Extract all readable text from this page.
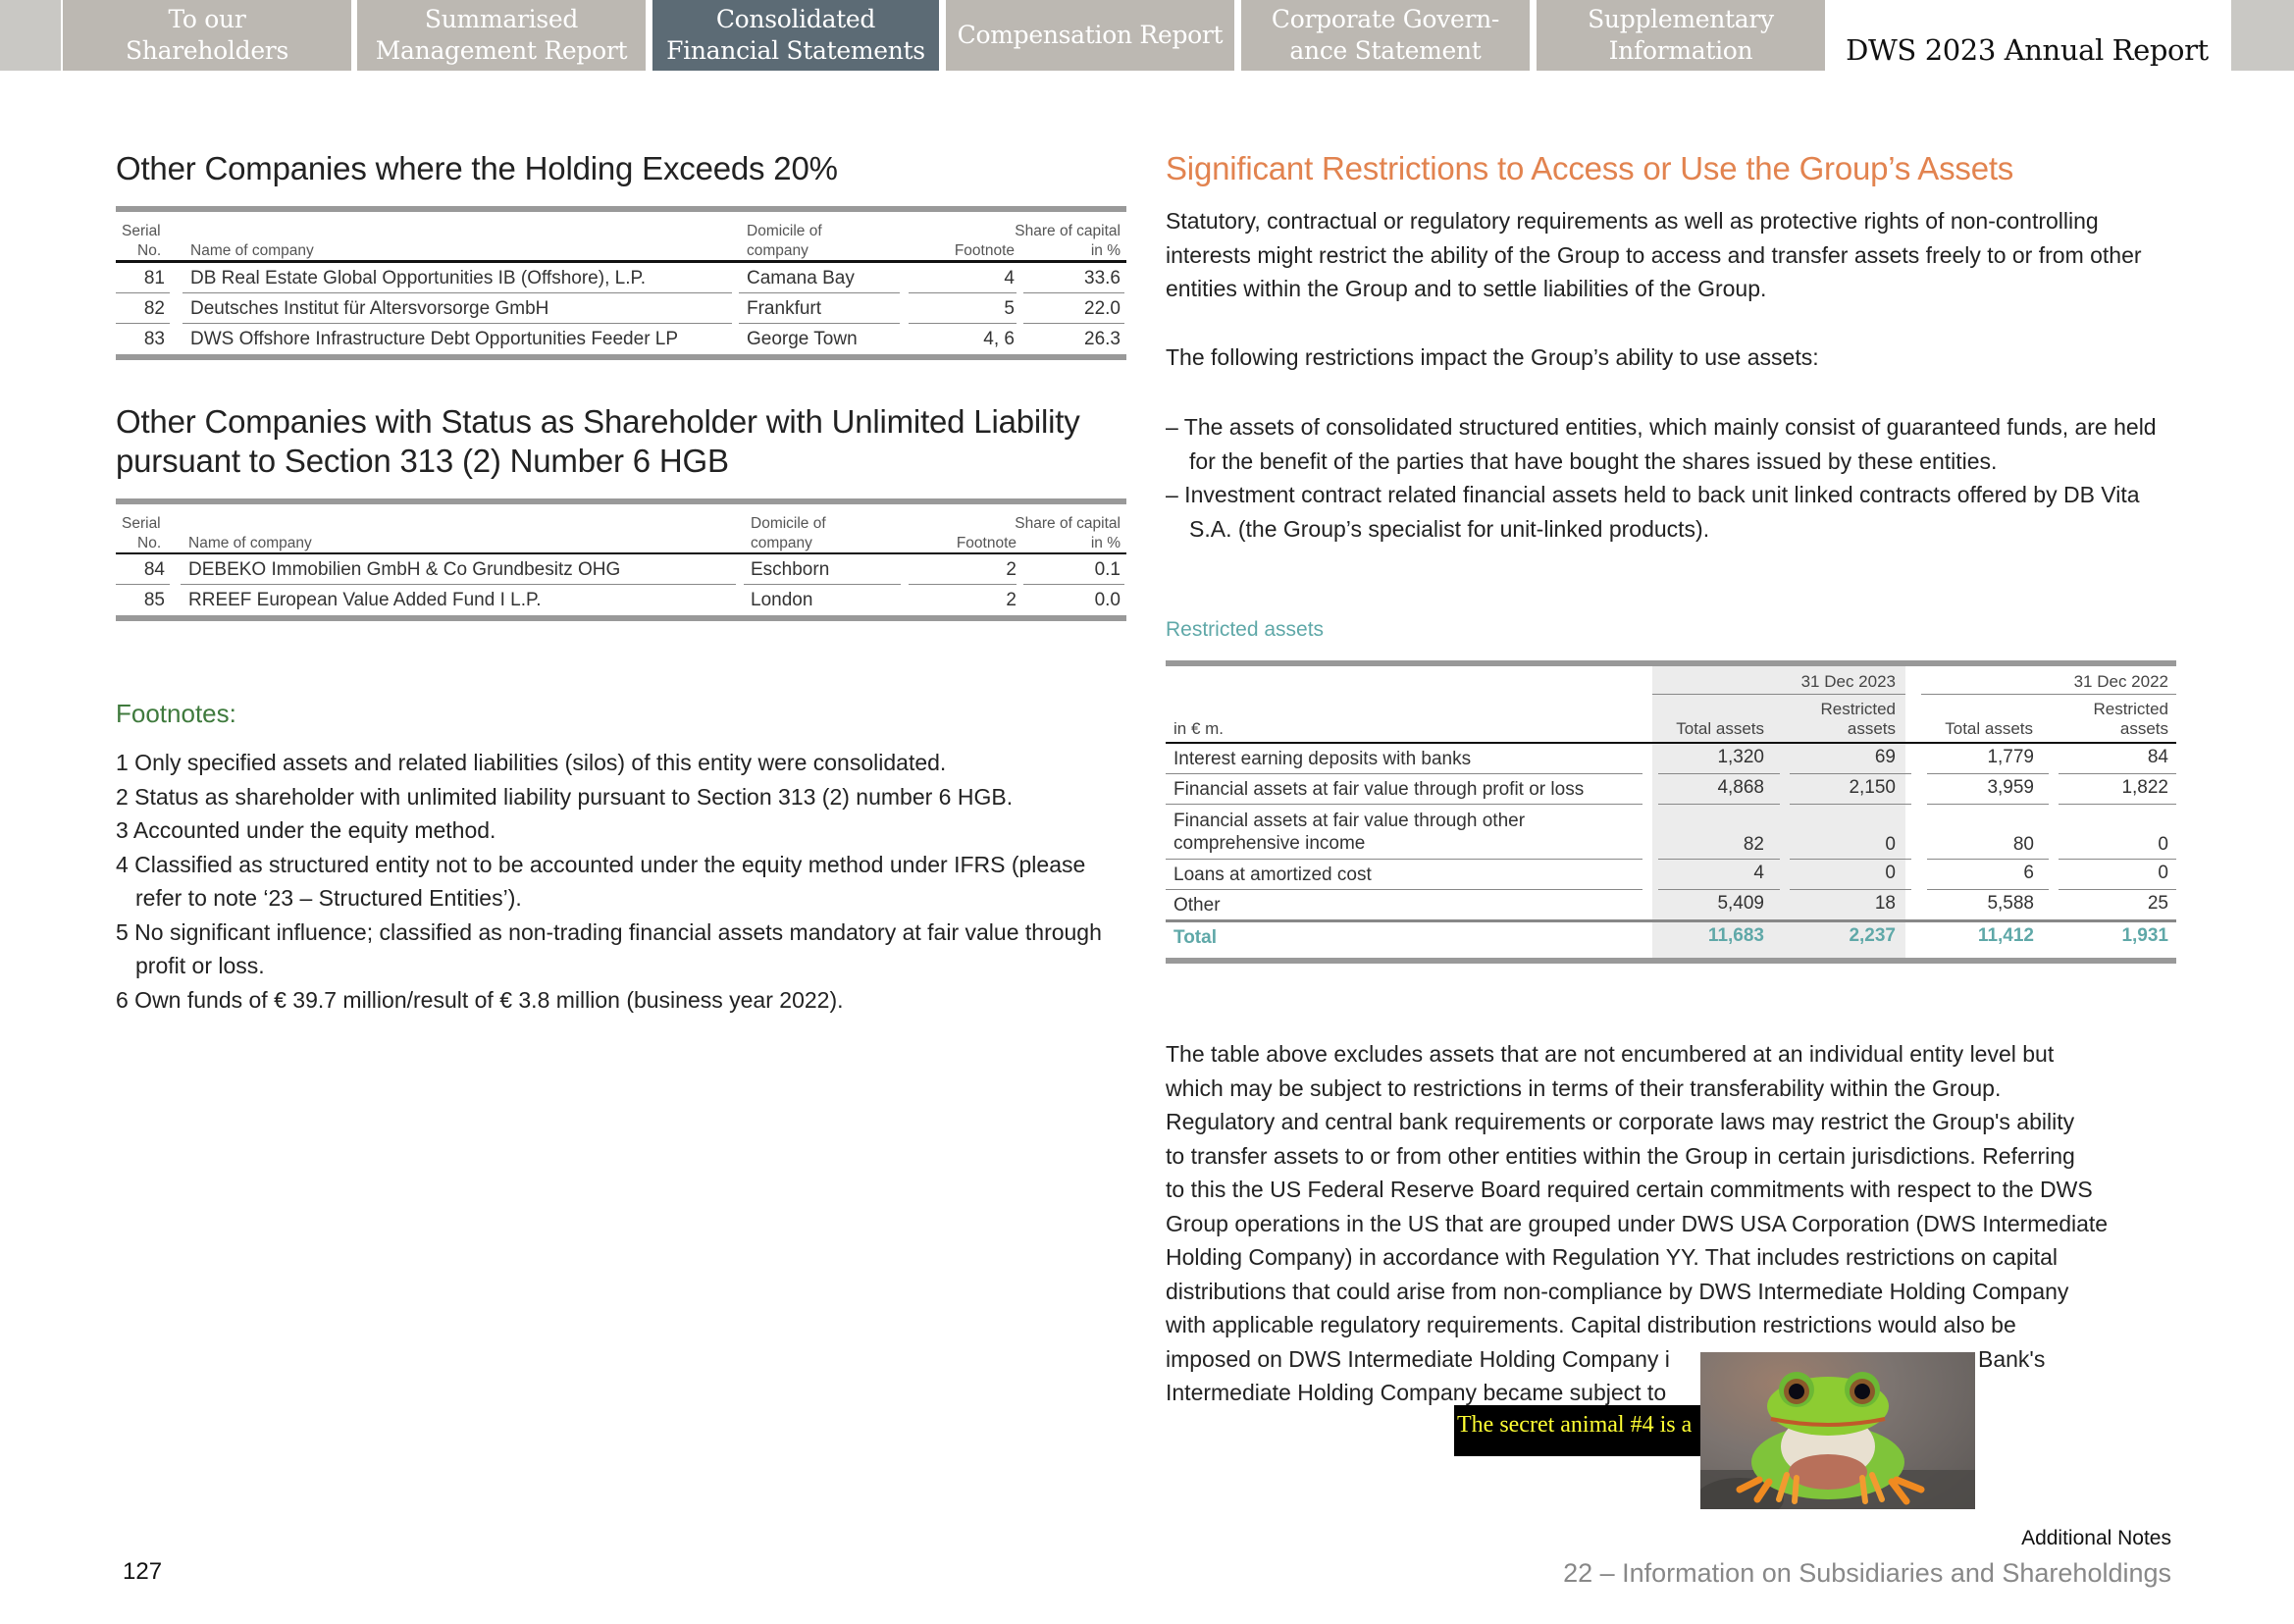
To our
Shareholders
Summarised
Management Report
Consolidated
Financial Statements
Compensation Report
Corporate Govern-
ance Statement
Supplementary
Information	DWS 2023 Annual Report
Other Companies where the Holding Exceeds 20%
Serial
No. Name of company
Domicile of
company	Footnote
Share of capital
in %
81 DB Real Estate Global Opportunities IB (Offshore), L.P.	Camana Bay	4	33.6
82 Deutsches Institut für Altersvorsorge GmbH	Frankfurt	5	22.0
83 DWS Offshore Infrastructure Debt Opportunities Feeder LP	George Town	4, 6	26.3
Other Companies with Status as Shareholder with Unlimited Liability
pursuant to Section 313 (2) Number 6 HGB
Serial
No. Name of company
Domicile of
company	Footnote
Share of capital
in %
84 DEBEKO Immobilien GmbH & Co Grundbesitz OHG	Eschborn	2	0.1
85 RREEF European Value Added Fund I L.P.	London	2	0.0
Footnotes:
1 Only specified assets and related liabilities (silos) of this entity were consolidated.
2 Status as shareholder with unlimited liability pursuant to Section 313 (2) number 6 HGB.
3 Accounted under the equity method.
4 Classified as structured entity not to be accounted under the equity method under IFRS (please refer to note ‘23 – Structured Entities’).
5 No significant influence; classified as non-trading financial assets mandatory at fair value through profit or loss.
6 Own funds of € 39.7 million/result of € 3.8 million (business year 2022).
Significant Restrictions to Access or Use the Group’s Assets

Statutory, contractual or regulatory requirements as well as protective rights of non-controlling interests might restrict the ability of the Group to access and transfer assets freely to or from other entities within the Group and to settle liabilities of the Group.

The following restrictions impact the Group’s ability to use assets:

– The assets of consolidated structured entities, which mainly consist of guaranteed funds, are held for the benefit of the parties that have bought the shares issued by these entities.
– Investment contract related financial assets held to back unit linked contracts offered by DB Vita S.A. (the Group’s specialist for unit-linked products).
Restricted assets
31 Dec 2023	31 Dec 2022
in € m.	Total assets
Restricted
assets	Total assets
Restricted
assets
Interest earning deposits with banks	1,320	69	1,779	84
Financial assets at fair value through profit or loss	4,868	2,150	3,959	1,822
Financial assets at fair value through other
comprehensive income	82	0	80	0
Loans at amortized cost	4	0	6	0
Other	5,409	18	5,588	25
Total	11,683	2,237	11,412	1,931
The table above excludes assets that are not encumbered at an individual entity level but
which may be subject to restrictions in terms of their transferability within the Group.
Regulatory and central bank requirements or corporate laws may restrict the Group's ability
to transfer assets to or from other entities within the Group in certain jurisdictions. Referring
to this the US Federal Reserve Board required certain commitments with respect to the DWS
Group operations in the US that are grouped under DWS USA Corporation (DWS Intermediate
Holding Company) in accordance with Regulation YY. That includes restrictions on capital
distributions that could arise from non-compliance by DWS Intermediate Holding Company
with applicable regulatory requirements. Capital distribution restrictions would also be
imposed on DWS Intermediate Holding Company i	Bank's
Intermediate Holding Company became subject to
The secret animal #4 is a
127
Additional Notes
22 – Information on Subsidiaries and Shareholdings
